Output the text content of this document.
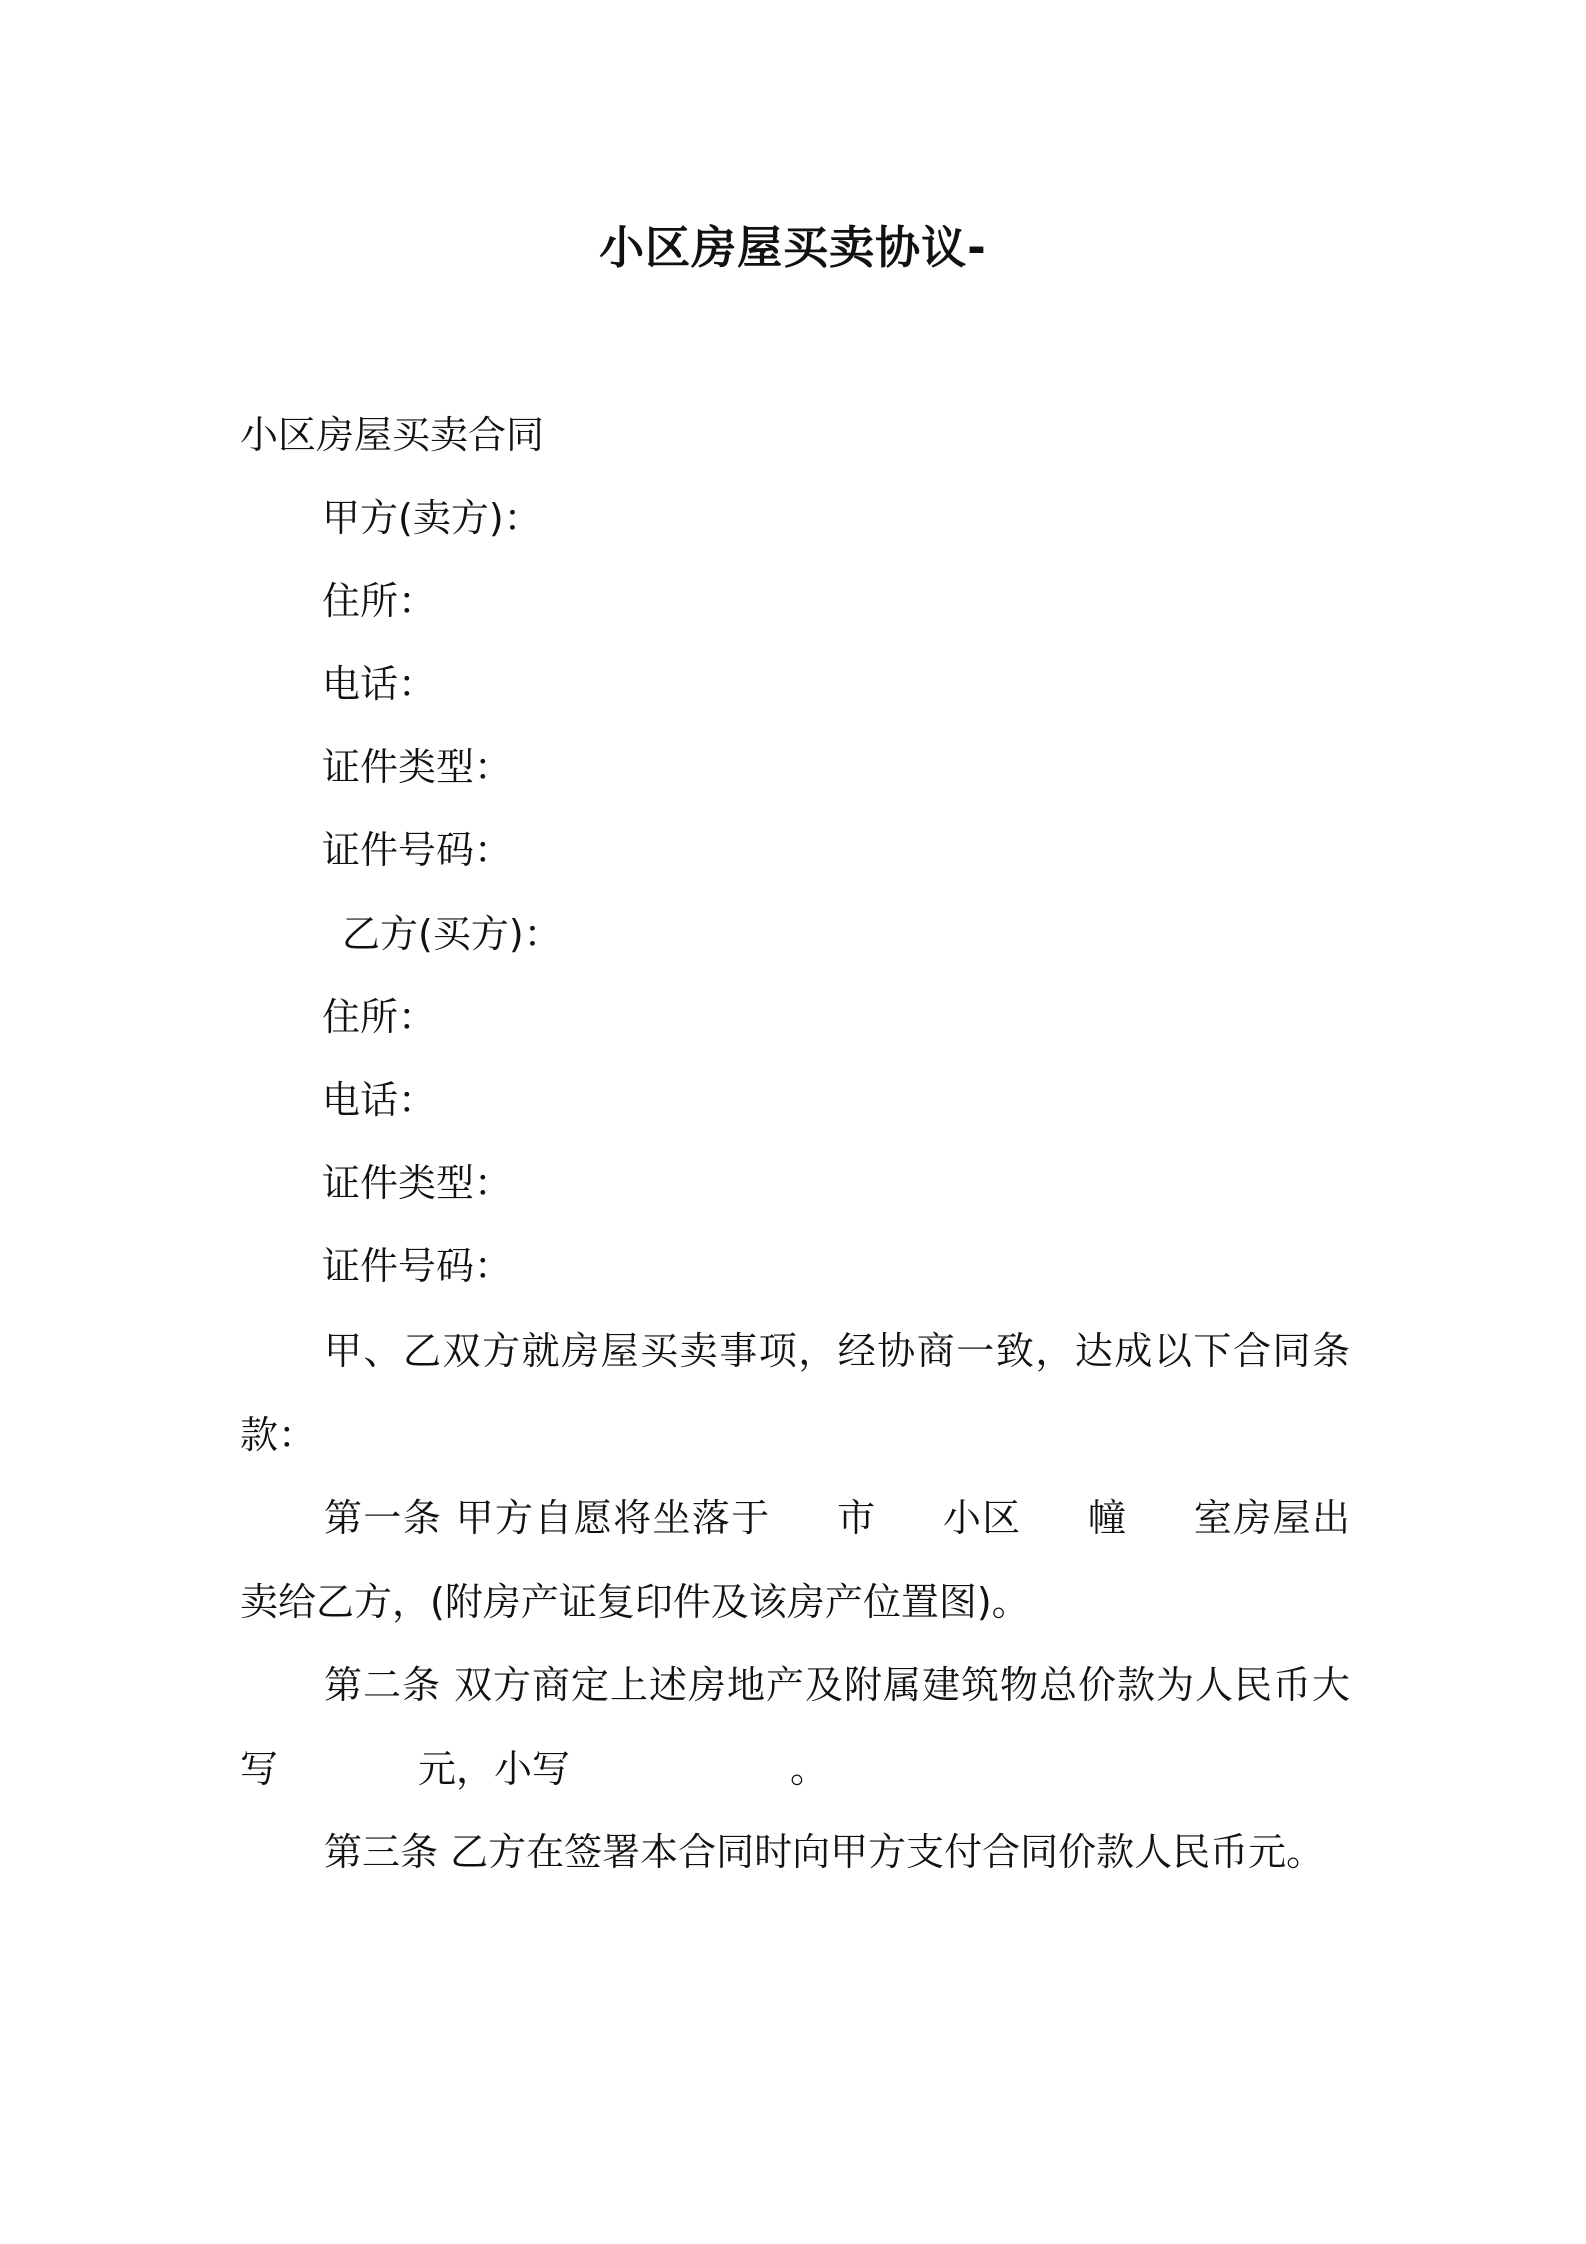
小区房屋买卖协议-
小区房屋买卖合同
甲方(卖方)：
住所：
电话：
证件类型：
证件号码：
乙方(买方)：
住所：
电话：
证件类型：
证件号码：
甲、乙双方就房屋买卖事项，经协商一致，达成以下合同条款：
第一条 甲方自愿将坐落于 市 小区 幢 室房屋出卖给乙方，(附房产证复印件及该房产位置图)。
第二条 双方商定上述房地产及附属建筑物总价款为人民币大写	元，小写	。
第三条 乙方在签署本合同时向甲方支付合同价款人民币元。
